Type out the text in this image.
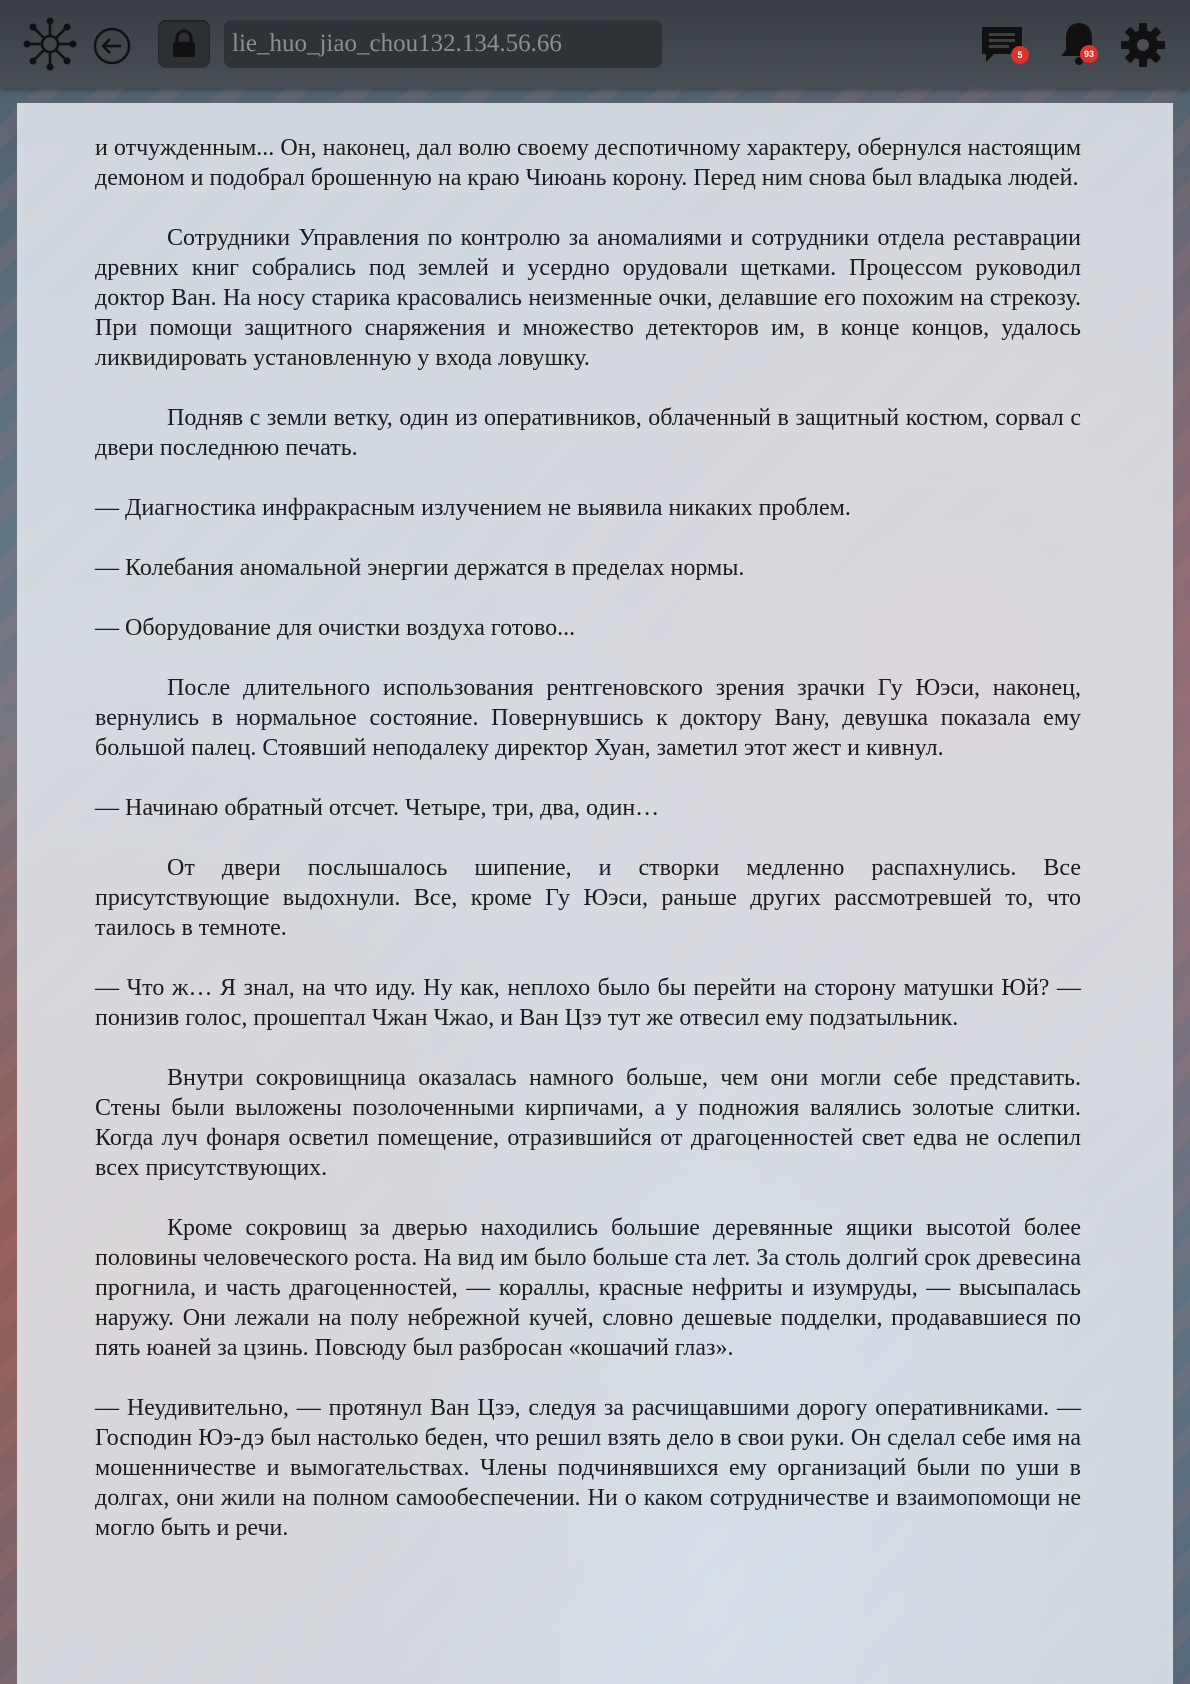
lie_huo_jiao_chou132.134.56.66
5	93

и отчужденным... Он, наконец, дал волю своему деспотичному характеру, обернулся настоящим демоном и подобрал брошенную на краю Чиюань корону. Перед ним снова был владыка людей.

Сотрудники Управления по контролю за аномалиями и сотрудники отдела реставрации древних книг собрались под землей и усердно орудовали щетками. Процессом руководил доктор Ван. На носу старика красовались неизменные очки, делавшие его похожим на стрекозу. При помощи защитного снаряжения и множество детекторов им, в конце концов, удалось ликвидировать установленную у входа ловушку.

Подняв с земли ветку, один из оперативников, облаченный в защитный костюм, сорвал с двери последнюю печать.

— Диагностика инфракрасным излучением не выявила никаких проблем.

— Колебания аномальной энергии держатся в пределах нормы.

— Оборудование для очистки воздуха готово...

После длительного использования рентгеновского зрения зрачки Гу Юэси, наконец, вернулись в нормальное состояние. Повернувшись к доктору Вану, девушка показала ему большой палец. Стоявший неподалеку директор Хуан, заметил этот жест и кивнул.

— Начинаю обратный отсчет. Четыре, три, два, один…

От двери послышалось шипение, и створки медленно распахнулись. Все присутствующие выдохнули. Все, кроме Гу Юэси, раньше других рассмотревшей то, что таилось в темноте.

— Что ж… Я знал, на что иду. Ну как, неплохо было бы перейти на сторону матушки Юй? — понизив голос, прошептал Чжан Чжао, и Ван Цзэ тут же отвесил ему подзатыльник.

Внутри сокровищница оказалась намного больше, чем они могли себе представить. Стены были выложены позолоченными кирпичами, а у подножия валялись золотые слитки. Когда луч фонаря осветил помещение, отразившийся от драгоценностей свет едва не ослепил всех присутствующих.

Кроме сокровищ за дверью находились большие деревянные ящики высотой более половины человеческого роста. На вид им было больше ста лет. За столь долгий срок древесина прогнила, и часть драгоценностей, — кораллы, красные нефриты и изумруды, — высыпалась наружу. Они лежали на полу небрежной кучей, словно дешевые подделки, продававшиеся по пять юаней за цзинь. Повсюду был разбросан «кошачий глаз».

— Неудивительно, — протянул Ван Цзэ, следуя за расчищавшими дорогу оперативниками. — Господин Юэ-дэ был настолько беден, что решил взять дело в свои руки. Он сделал себе имя на мошенничестве и вымогательствах. Члены подчинявшихся ему организаций были по уши в долгах, они жили на полном самообеспечении. Ни о каком сотрудничестве и взаимопомощи не могло быть и речи.
